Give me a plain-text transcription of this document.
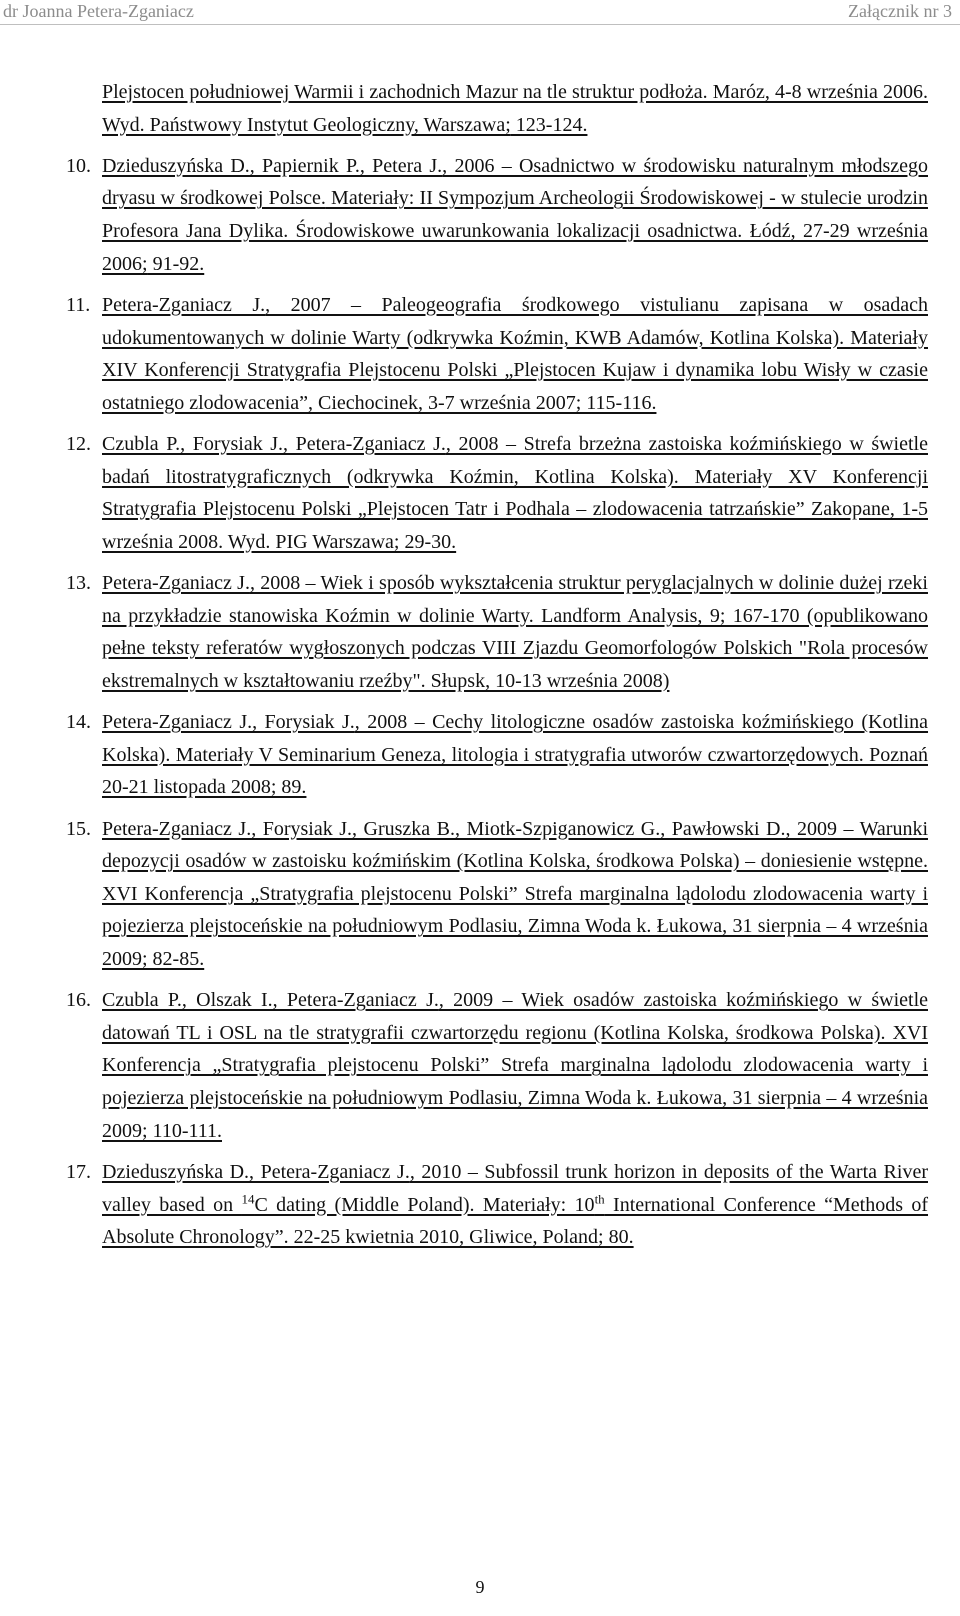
dr Joanna Petera-Zganiacz	Załącznik nr 3
Plejstocen południowej Warmii i zachodnich Mazur na tle struktur podłoża. Maróz, 4-8 września 2006. Wyd. Państwowy Instytut Geologiczny, Warszawa; 123-124.
10. Dzieduszyńska D., Papiernik P., Petera J., 2006 – Osadnictwo w środowisku naturalnym młodszego dryasu w środkowej Polsce. Materiały: II Sympozjum Archeologii Środowiskowej - w stulecie urodzin Profesora Jana Dylika. Środowiskowe uwarunkowania lokalizacji osadnictwa. Łódź, 27-29 września 2006; 91-92.
11. Petera-Zganiacz J., 2007 – Paleogeografia środkowego vistulianu zapisana w osadach udokumentowanych w dolinie Warty (odkrywka Koźmin, KWB Adamów, Kotlina Kolska). Materiały XIV Konferencji Stratygrafia Plejstocenu Polski „Plejstocen Kujaw i dynamika lobu Wisły w czasie ostatniego zlodowacenia”, Ciechocinek, 3-7 września 2007; 115-116.
12. Czubla P., Forysiak J., Petera-Zganiacz J., 2008 – Strefa brzeżna zastoiska koźmińskiego w świetle badań litostratygraficznych (odkrywka Koźmin, Kotlina Kolska). Materiały XV Konferencji Stratygrafia Plejstocenu Polski „Plejstocen Tatr i Podhala – zlodowacenia tatrzańskie” Zakopane, 1-5 września 2008. Wyd. PIG Warszawa; 29-30.
13. Petera-Zganiacz J., 2008 – Wiek i sposób wykształcenia struktur peryglacjalnych w dolinie dużej rzeki na przykładzie stanowiska Koźmin w dolinie Warty. Landform Analysis, 9; 167-170 (opublikowano pełne teksty referatów wygłoszonych podczas VIII Zjazdu Geomorfologów Polskich "Rola procesów ekstremalnych w kształtowaniu rzeźby". Słupsk, 10-13 września 2008)
14. Petera-Zganiacz J., Forysiak J., 2008 – Cechy litologiczne osadów zastoiska koźmińskiego (Kotlina Kolska). Materiały V Seminarium Geneza, litologia i stratygrafia utworów czwartorzędowych. Poznań 20-21 listopada 2008; 89.
15. Petera-Zganiacz J., Forysiak J., Gruszka B., Miotk-Szpiganowicz G., Pawłowski D., 2009 – Warunki depozycji osadów w zastoisku koźmińskim (Kotlina Kolska, środkowa Polska) – doniesienie wstępne. XVI Konferencja „Stratygrafia plejstocenu Polski” Strefa marginalna lądolodu zlodowacenia warty i pojezierza plejstoceńskie na południowym Podlasiu, Zimna Woda k. Łukowa, 31 sierpnia – 4 września 2009; 82-85.
16. Czubla P., Olszak I., Petera-Zganiacz J., 2009 – Wiek osadów zastoiska koźmińskiego w świetle datowań TL i OSL na tle stratygrafii czwartorzędu regionu (Kotlina Kolska, środkowa Polska). XVI Konferencja „Stratygrafia plejstocenu Polski” Strefa marginalna lądolodu zlodowacenia warty i pojezierza plejstoceńskie na południowym Podlasiu, Zimna Woda k. Łukowa, 31 sierpnia – 4 września 2009; 110-111.
17. Dzieduszyńska D., Petera-Zganiacz J., 2010 – Subfossil trunk horizon in deposits of the Warta River valley based on $^{14}$C dating (Middle Poland). Materiały: 10th International Conference “Methods of Absolute Chronology”. 22-25 kwietnia 2010, Gliwice, Poland; 80.
9
